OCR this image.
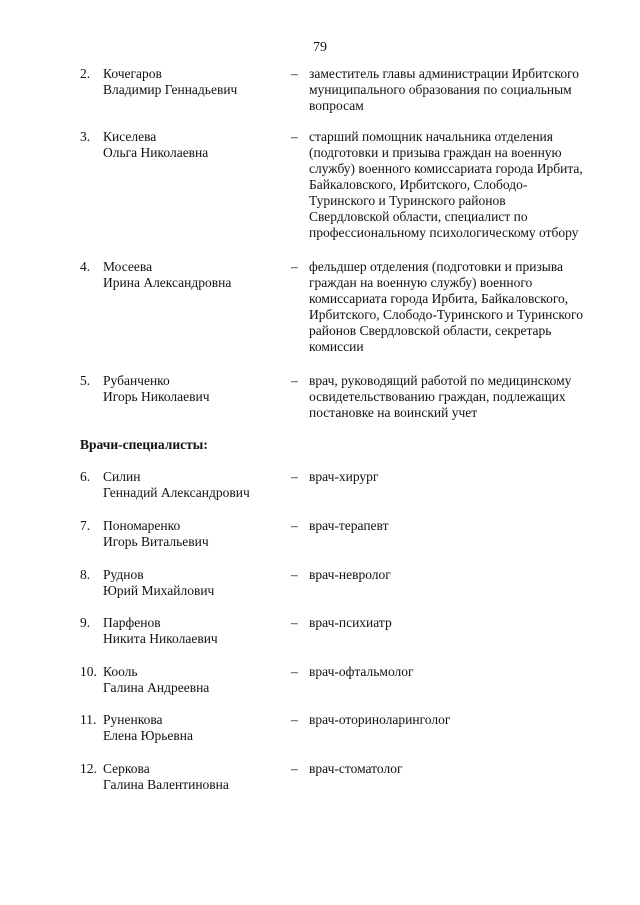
79
2. Кочегаров
Владимир Геннадьевич
– заместитель главы администрации Ирбитского
муниципального образования по социальным
вопросам
3. Киселева
Ольга Николаевна
– старший помощник начальника отделения
(подготовки и призыва граждан на военную
службу) военного комиссариата города Ирбита,
Байкаловского, Ирбитского, Слободо-
Туринского и Туринского районов
Свердловской области, специалист по
профессиональному психологическому отбору
4. Мосеева
Ирина Александровна
– фельдшер отделения (подготовки и призыва
граждан на военную службу) военного
комиссариата города Ирбита, Байкаловского,
Ирбитского, Слободо-Туринского и Туринского
районов Свердловской области, секретарь
комиссии
5. Рубанченко
Игорь Николаевич
– врач, руководящий работой по медицинскому
освидетельствованию граждан, подлежащих
постановке на воинский учет
Врачи-специалисты:
6. Силин
Геннадий Александрович
– врач-хирург
7. Пономаренко
Игорь Витальевич
– врач-терапевт
8. Руднов
Юрий Михайлович
– врач-невролог
9. Парфенов
Никита Николаевич
– врач-психиатр
10. Кооль
Галина Андреевна
– врач-офтальмолог
11. Руненкова
Елена Юрьевна
– врач-оториноларинголог
12. Серкова
Галина Валентиновна
– врач-стоматолог
